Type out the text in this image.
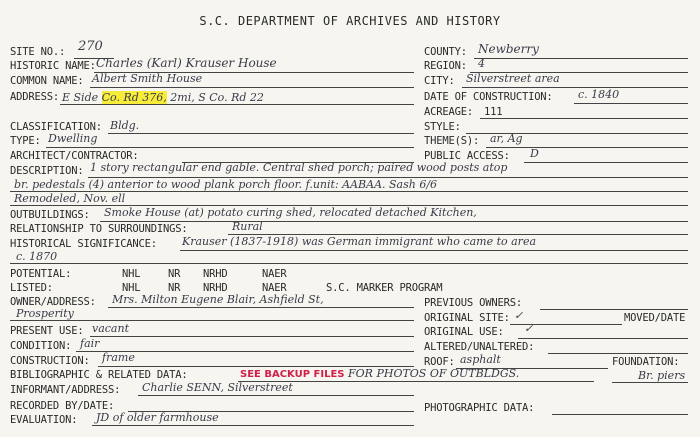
S.C. DEPARTMENT OF ARCHIVES AND HISTORY
SITE NO.: 270
HISTORIC NAME: Charles (Karl) Krauser House
COMMON NAME: Albert Smith House
ADDRESS: E Side Co. Rd 376, 2mi, S Co. Rd 22
CLASSIFICATION: Bldg.
TYPE: Dwelling
ARCHITECT/CONTRACTOR:
DESCRIPTION: 1 story rectangular end gable. Central shed porch; paired wood posts atop
br. pedestals (4) anterior to wood plank porch floor. f.unit: AABAA. Sash 6/6
Remodeled, Nov. ell
OUTBUILDINGS: Smoke House (at) potato curing shed, relocated detached Kitchen,
RELATIONSHIP TO SURROUNDINGS:	Rural
HISTORICAL SIGNIFICANCE: Krauser (1837-1918) was German immigrant who came to area
c. 1870
POTENTIAL:	NHL	NR NRHD	NAER
LISTED:	NHL	NR NRHD	NAER	S.C. MARKER PROGRAM
OWNER/ADDRESS: Mrs. Milton Eugene Blair, Ashfield St,
Prosperity
PRESENT USE: vacant
CONDITION: fair
CONSTRUCTION: frame
BIBLIOGRAPHIC & RELATED DATA:	SEE BACKUP FILES FOR PHOTOS OF OUTBLDGS.
INFORMANT/ADDRESS: Charlie SENN, Silverstreet
RECORDED BY/DATE:
EVALUATION: JD of older farmhouse
COUNTY: Newberry
REGION: 4
CITY: Silverstreet area
DATE OF CONSTRUCTION: c. 1840
ACREAGE: 111
STYLE:
THEME(S): ar, Ag
PUBLIC ACCESS: D
PREVIOUS OWNERS:
ORIGINAL SITE: ✓	MOVED/DATE
ORIGINAL USE: ✓
ALTERED/UNALTERED:
ROOF: asphalt	FOUNDATION:
Br. piers
PHOTOGRAPHIC DATA:
